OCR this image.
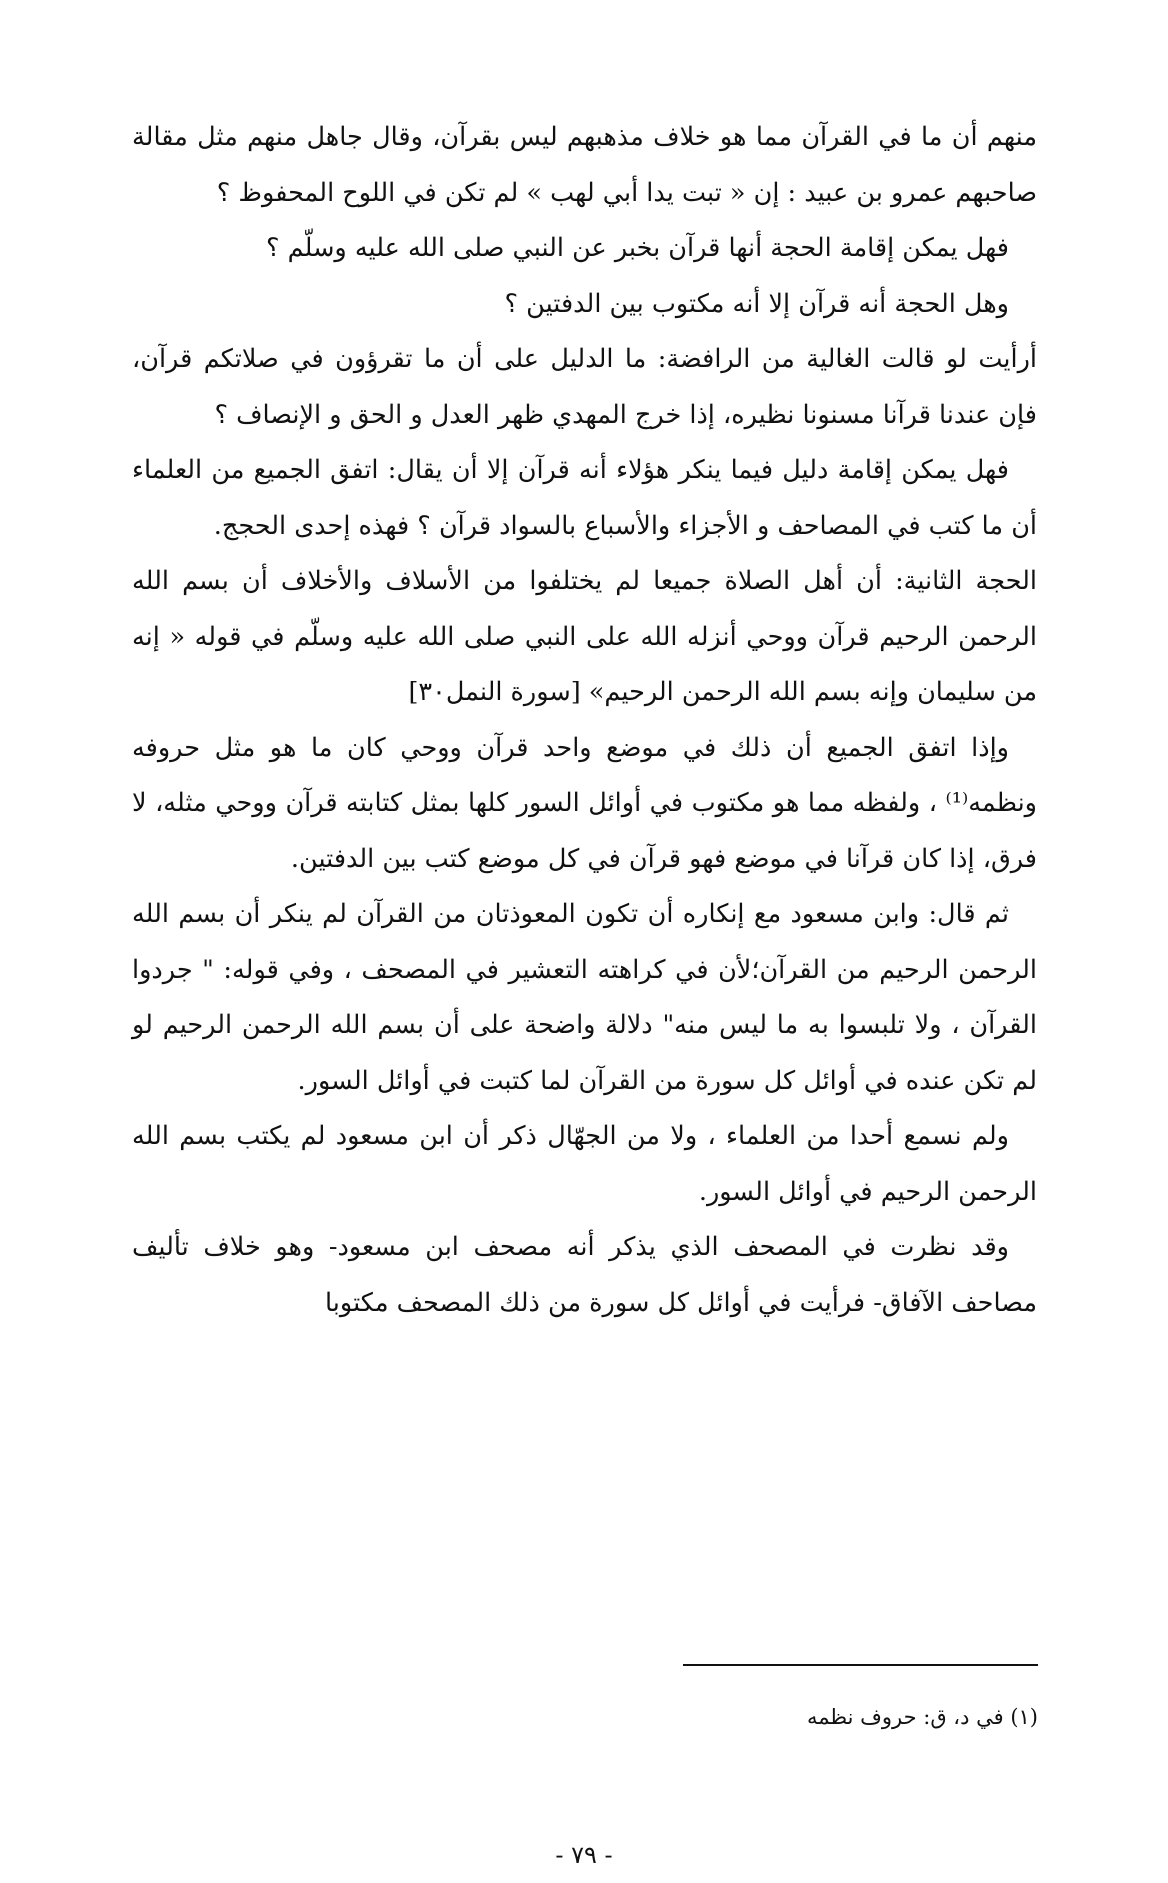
منهم أن ما في القرآن مما هو خلاف مذهبهم ليس بقرآن، وقال جاهل منهم مثل مقالة صاحبهم عمرو بن عبيد : إن « تبت يدا أبي لهب » لم تكن في اللوح المحفوظ ؟

فهل يمكن إقامة الحجة أنها قرآن بخبر عن النبي صلى الله عليه وسلّم ؟

وهل الحجة أنه قرآن إلا أنه مكتوب بين الدفتين ؟

أرأيت لو قالت الغالية من الرافضة: ما الدليل على أن ما تقرؤون في صلاتكم قرآن، فإن عندنا قرآنا مسنونا نظيره، إذا خرج المهدي ظهر العدل و الحق و الإنصاف ؟

فهل يمكن إقامة دليل فيما ينكر هؤلاء أنه قرآن إلا أن يقال: اتفق الجميع من العلماء أن ما كتب في المصاحف و الأجزاء والأسباع بالسواد قرآن ؟ فهذه إحدى الحجج.

الحجة الثانية: أن أهل الصلاة جميعا لم يختلفوا من الأسلاف والأخلاف أن بسم الله الرحمن الرحيم قرآن ووحي أنزله الله على النبي صلى الله عليه وسلّم في قوله « إنه من سليمان وإنه بسم الله الرحمن الرحيم» [سورة النمل٣٠]

وإذا اتفق الجميع أن ذلك في موضع واحد قرآن ووحي كان ما هو مثل حروفه ونظمه⁽¹⁾ ، ولفظه مما هو مكتوب في أوائل السور كلها بمثل كتابته قرآن ووحي مثله، لا فرق، إذا كان قرآنا في موضع فهو قرآن في كل موضع كتب بين الدفتين.

ثم قال: وابن مسعود مع إنكاره أن تكون المعوذتان من القرآن لم ينكر أن بسم الله الرحمن الرحيم من القرآن؛لأن في كراهته التعشير في المصحف ، وفي قوله: " جردوا القرآن ، ولا تلبسوا به ما ليس منه" دلالة واضحة على أن بسم الله الرحمن الرحيم لو لم تكن عنده في أوائل كل سورة من القرآن لما كتبت في أوائل السور.

ولم نسمع أحدا من العلماء ، ولا من الجهّال ذكر أن ابن مسعود لم يكتب بسم الله الرحمن الرحيم في أوائل السور.

وقد نظرت في المصحف الذي يذكر أنه مصحف ابن مسعود- وهو خلاف تأليف مصاحف الآفاق- فرأيت في أوائل كل سورة من ذلك المصحف مكتوبا

(١) في د، ق: حروف نظمه
- ٧٩ -
